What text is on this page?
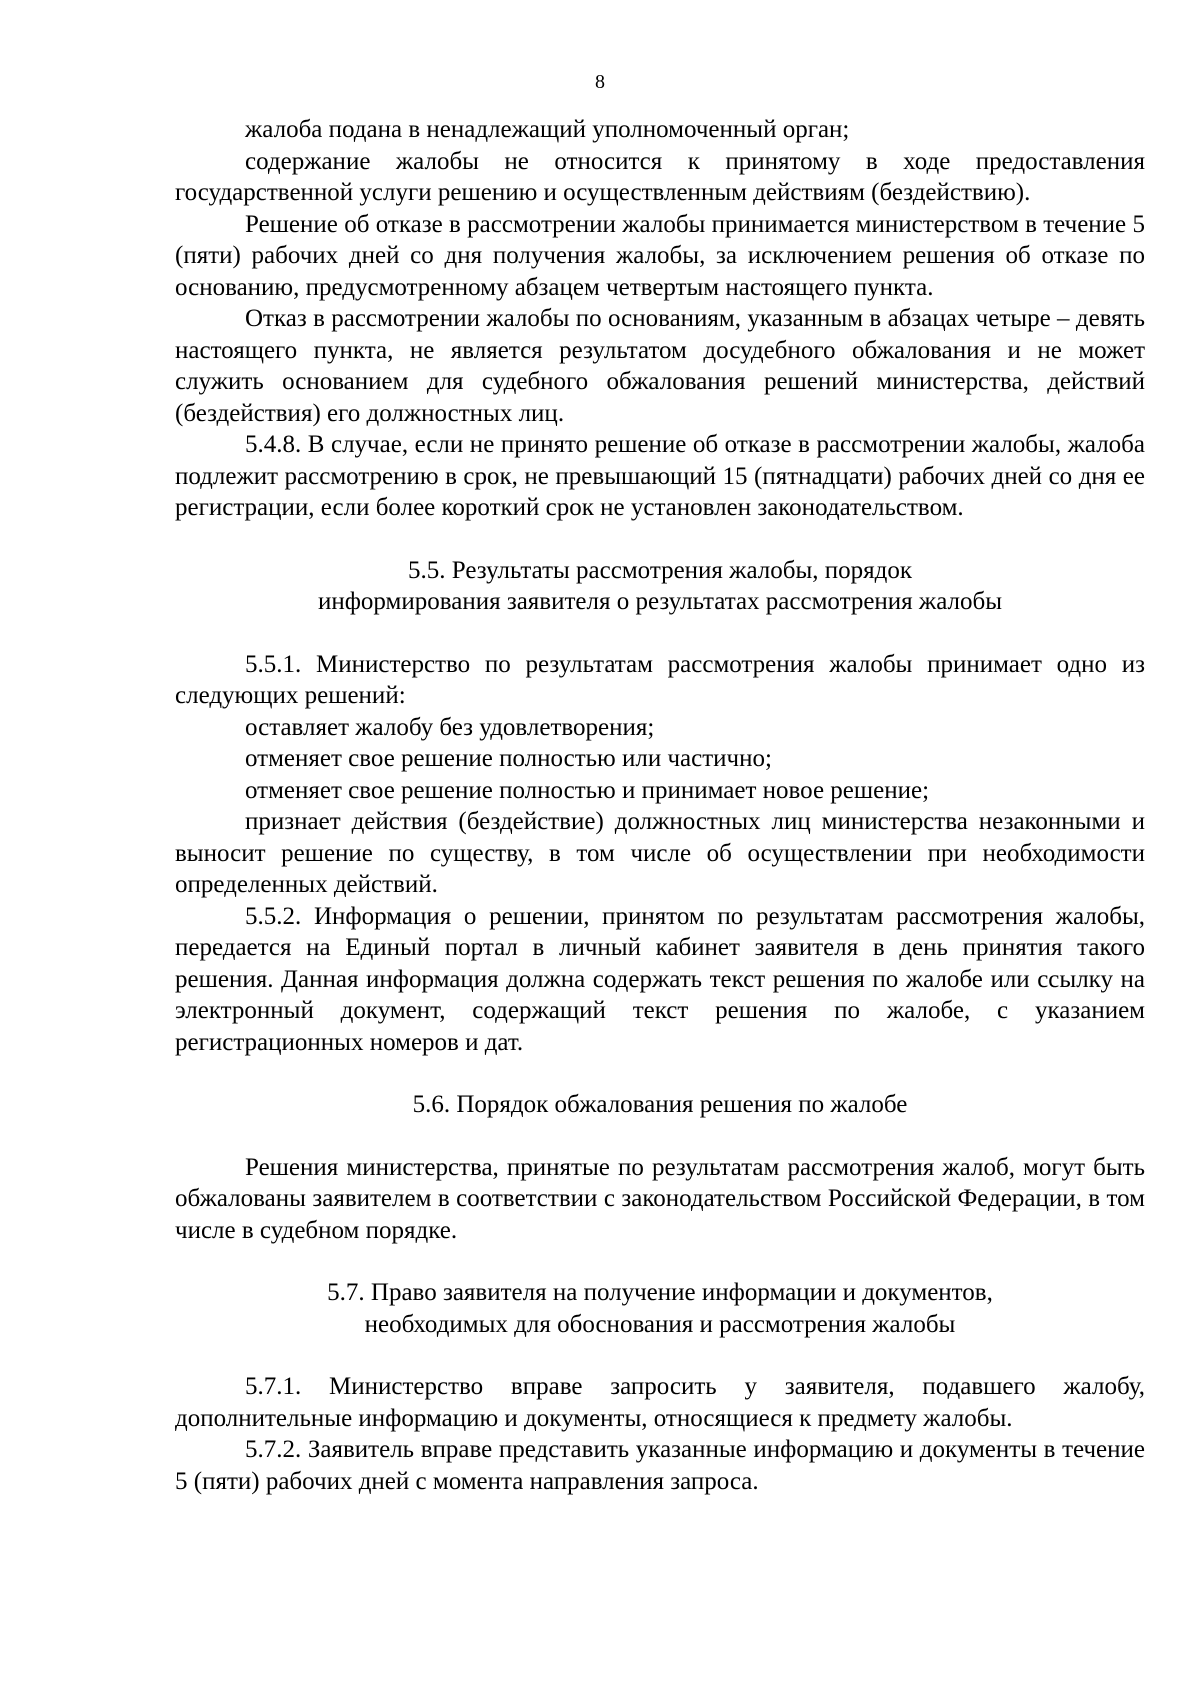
8

жалоба подана в ненадлежащий уполномоченный орган;

содержание жалобы не относится к принятому в ходе предоставления государственной услуги решению и осуществленным действиям (бездействию).

Решение об отказе в рассмотрении жалобы принимается министерством в течение 5 (пяти) рабочих дней со дня получения жалобы, за исключением решения об отказе по основанию, предусмотренному абзацем четвертым настоящего пункта.

Отказ в рассмотрении жалобы по основаниям, указанным в абзацах четыре – девять настоящего пункта, не является результатом досудебного обжалования и не может служить основанием для судебного обжалования решений министерства, действий (бездействия) его должностных лиц.

5.4.8. В случае, если не принято решение об отказе в рассмотрении жалобы, жалоба подлежит рассмотрению в срок, не превышающий 15 (пятнадцати) рабочих дней со дня ее регистрации, если более короткий срок не установлен законодательством.

5.5. Результаты рассмотрения жалобы, порядок
информирования заявителя о результатах рассмотрения жалобы

5.5.1. Министерство по результатам рассмотрения жалобы принимает одно из следующих решений:

оставляет жалобу без удовлетворения;

отменяет свое решение полностью или частично;

отменяет свое решение полностью и принимает новое решение;

признает действия (бездействие) должностных лиц министерства незаконными и выносит решение по существу, в том числе об осуществлении при необходимости определенных действий.

5.5.2. Информация о решении, принятом по результатам рассмотрения жалобы, передается на Единый портал в личный кабинет заявителя в день принятия такого решения. Данная информация должна содержать текст решения по жалобе или ссылку на электронный документ, содержащий текст решения по жалобе, с указанием регистрационных номеров и дат.

5.6. Порядок обжалования решения по жалобе

Решения министерства, принятые по результатам рассмотрения жалоб, могут быть обжалованы заявителем в соответствии с законодательством Российской Федерации, в том числе в судебном порядке.

5.7. Право заявителя на получение информации и документов,
необходимых для обоснования и рассмотрения жалобы

5.7.1. Министерство вправе запросить у заявителя, подавшего жалобу, дополнительные информацию и документы, относящиеся к предмету жалобы.

5.7.2. Заявитель вправе представить указанные информацию и документы в течение 5 (пяти) рабочих дней с момента направления запроса.
